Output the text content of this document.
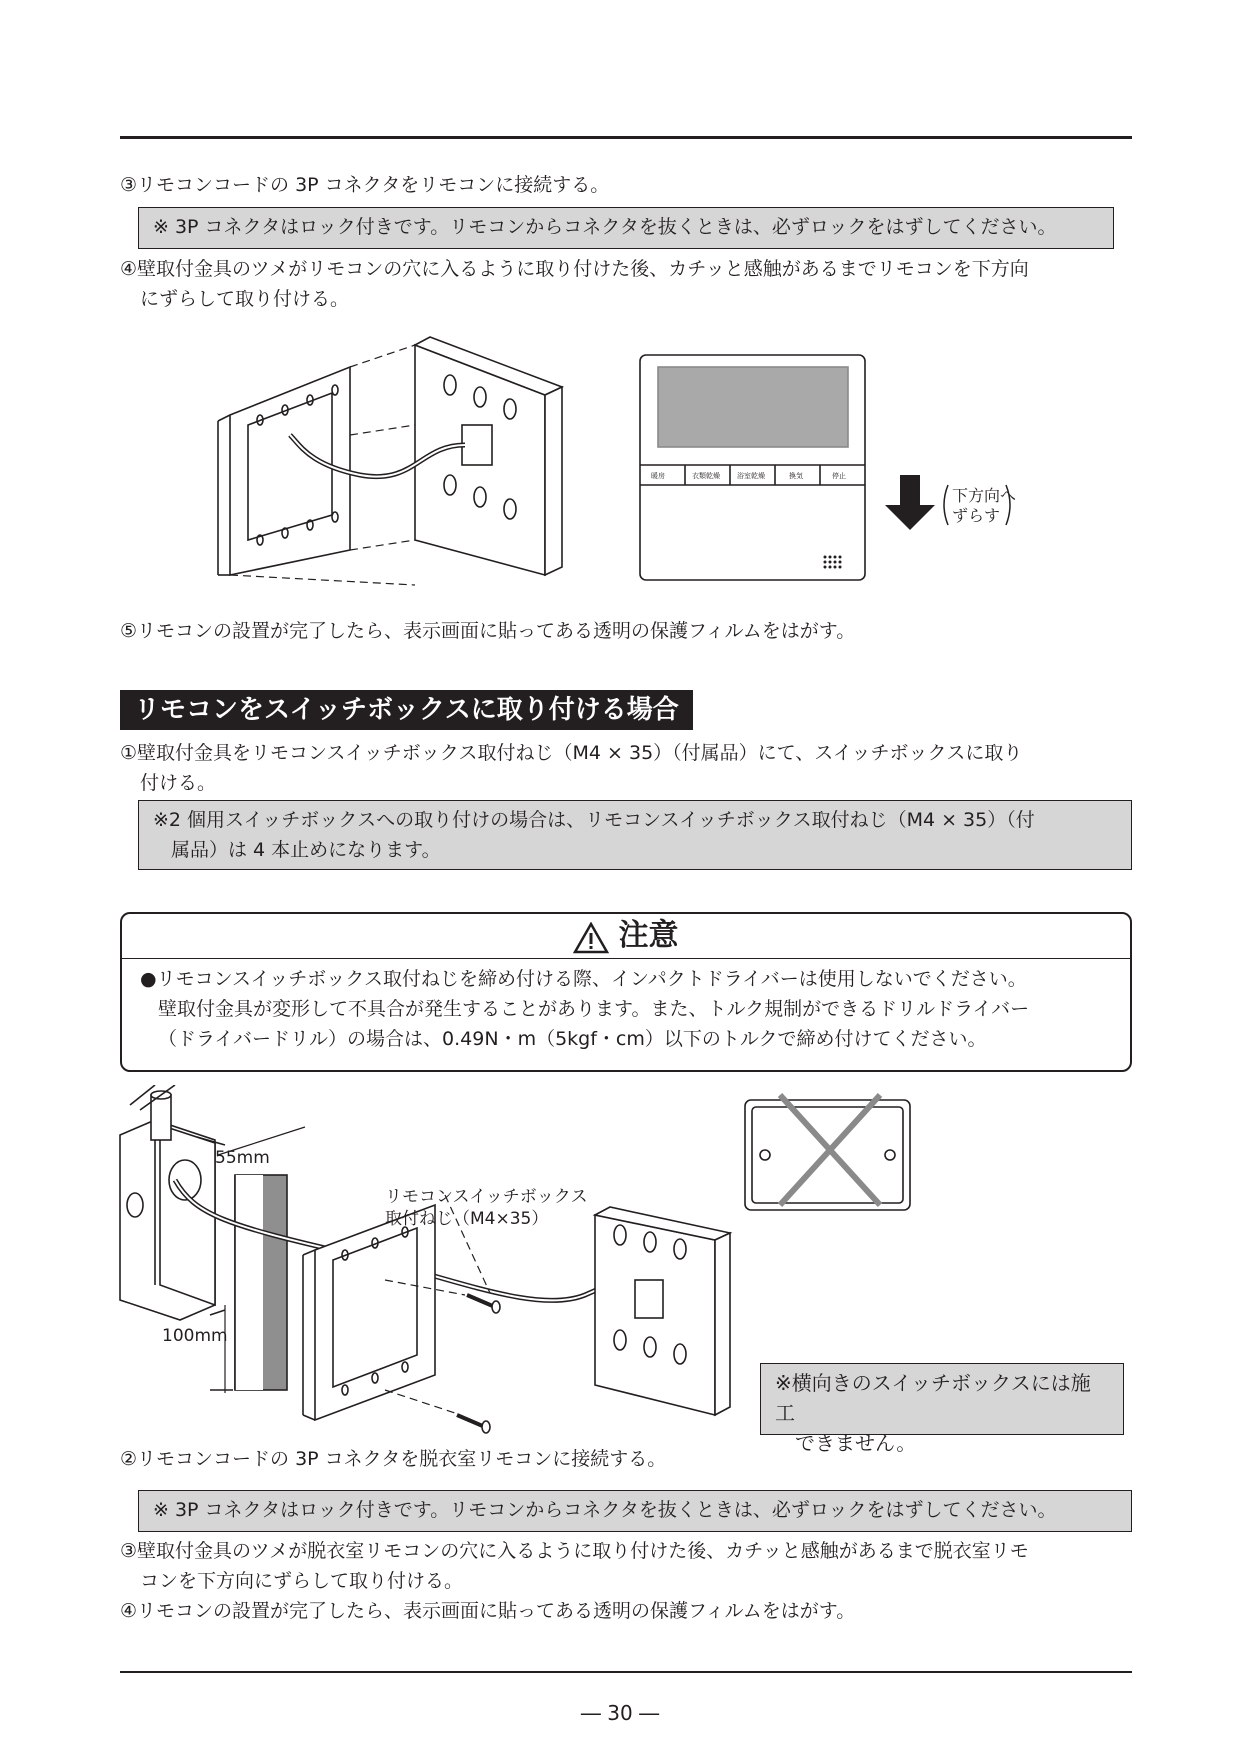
③リモコンコードの 3P コネクタをリモコンに接続する。
※ 3P コネクタはロック付きです。リモコンからコネクタを抜くときは、必ずロックをはずしてください。
④壁取付金具のツメがリモコンの穴に入るように取り付けた後、カチッと感触があるまでリモコンを下方向
にずらして取り付ける。
暖房	衣類乾燥 浴室乾燥	換気	停止
下方向へ
ずらす
⑤リモコンの設置が完了したら、表示画面に貼ってある透明の保護フィルムをはがす。
リモコンをスイッチボックスに取り付ける場合
①壁取付金具をリモコンスイッチボックス取付ねじ（M4 × 35）（付属品）にて、スイッチボックスに取り
付ける。
※2 個用スイッチボックスへの取り付けの場合は、リモコンスイッチボックス取付ねじ（M4 × 35）（付
属品）は 4 本止めになります。
注意
●リモコンスイッチボックス取付ねじを締め付ける際、インパクトドライバーは使用しないでください。
壁取付金具が変形して不具合が発生することがあります。また、トルク規制ができるドリルドライバー
（ドライバードリル）の場合は、0.49N・m（5kgf・cm）以下のトルクで締め付けてください。
55mm
100mm
リモコンスイッチボックス
取付ねじ（M4×35）
※横向きのスイッチボックスには施工
できません。
②リモコンコードの 3P コネクタを脱衣室リモコンに接続する。
※ 3P コネクタはロック付きです。リモコンからコネクタを抜くときは、必ずロックをはずしてください。
③壁取付金具のツメが脱衣室リモコンの穴に入るように取り付けた後、カチッと感触があるまで脱衣室リモ
コンを下方向にずらして取り付ける。
④リモコンの設置が完了したら、表示画面に貼ってある透明の保護フィルムをはがす。
― 30 ―
